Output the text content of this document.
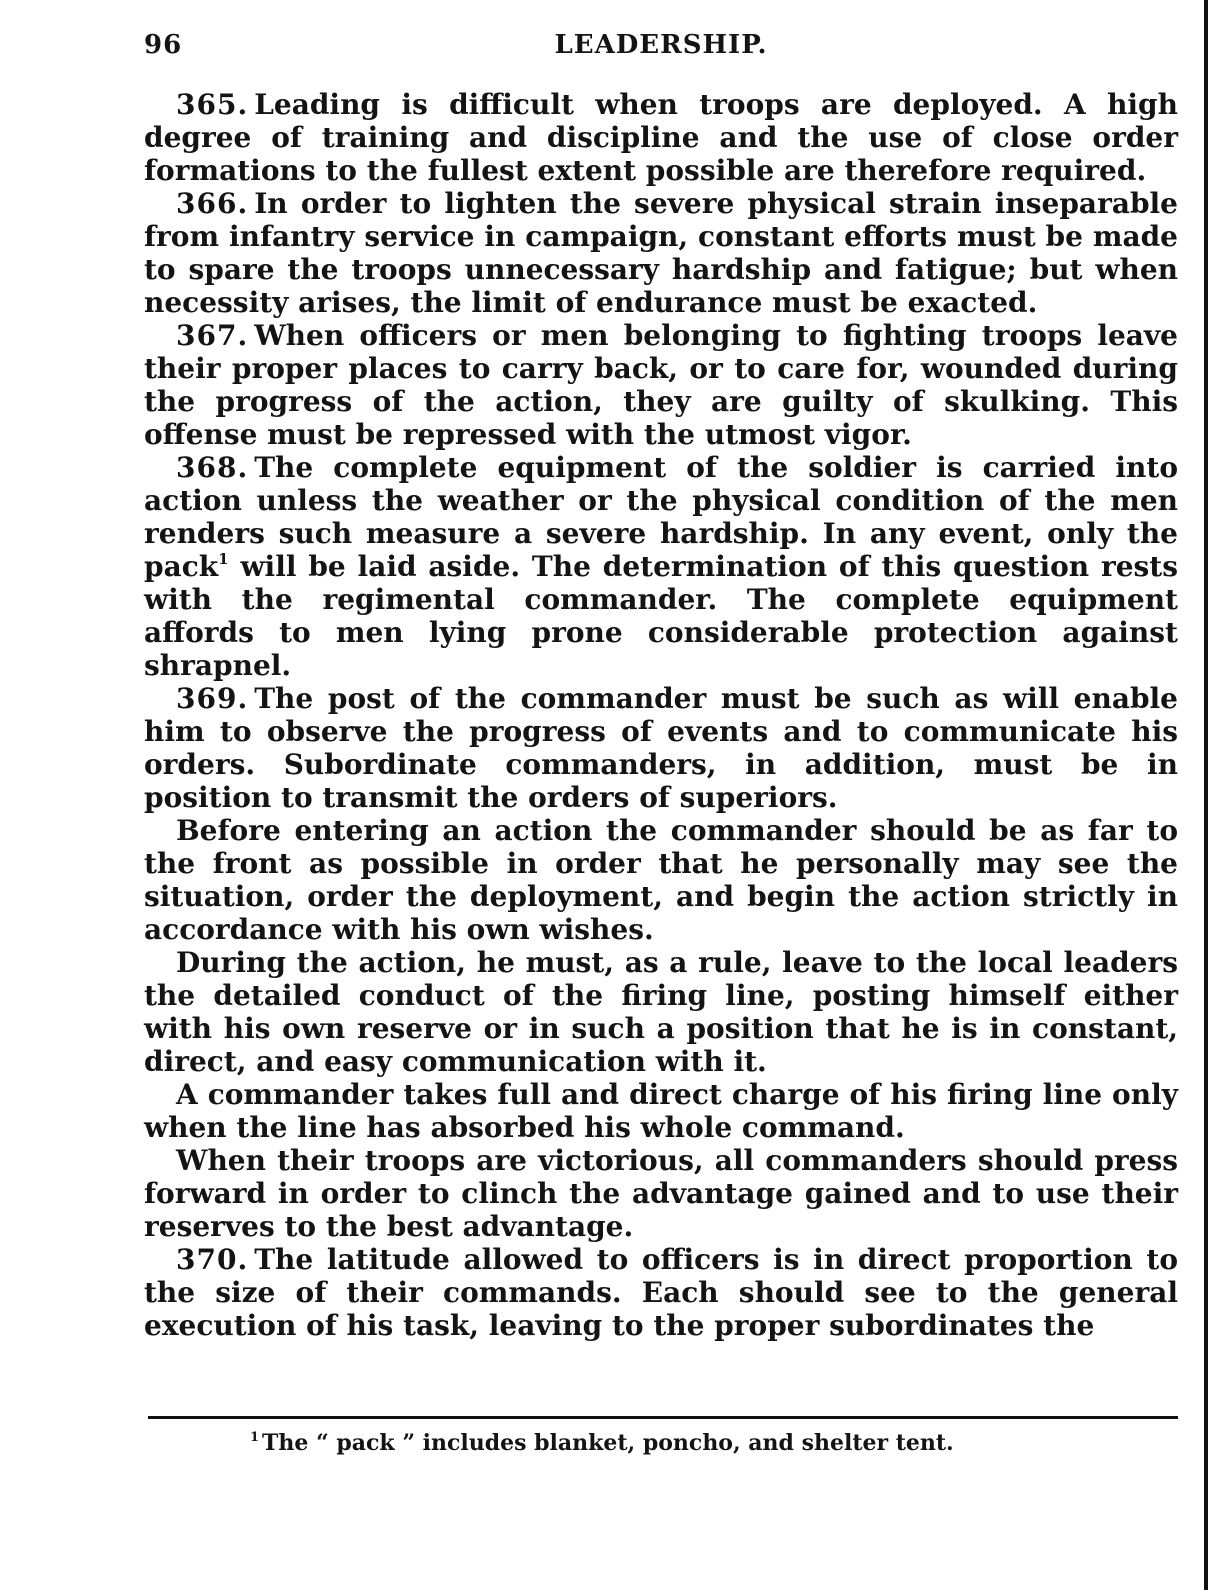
96	LEADERSHIP.

365. Leading is difficult when troops are deployed. A high degree of training and discipline and the use of close order formations to the fullest extent possible are therefore required.

366. In order to lighten the severe physical strain inseparable from infantry service in campaign, constant efforts must be made to spare the troops unnecessary hardship and fatigue; but when necessity arises, the limit of endurance must be exacted.

367. When officers or men belonging to fighting troops leave their proper places to carry back, or to care for, wounded during the progress of the action, they are guilty of skulking. This offense must be repressed with the utmost vigor.

368. The complete equipment of the soldier is carried into action unless the weather or the physical condition of the men renders such measure a severe hardship. In any event, only the pack$^1$ will be laid aside. The determination of this question rests with the regimental commander. The complete equipment affords to men lying prone considerable protection against shrapnel.

369. The post of the commander must be such as will enable him to observe the progress of events and to communicate his orders. Subordinate commanders, in addition, must be in position to transmit the orders of superiors.

Before entering an action the commander should be as far to the front as possible in order that he personally may see the situation, order the deployment, and begin the action strictly in accordance with his own wishes.

During the action, he must, as a rule, leave to the local leaders the detailed conduct of the firing line, posting himself either with his own reserve or in such a position that he is in constant, direct, and easy communication with it.

A commander takes full and direct charge of his firing line only when the line has absorbed his whole command.

When their troops are victorious, all commanders should press forward in order to clinch the advantage gained and to use their reserves to the best advantage.

370. The latitude allowed to officers is in direct proportion to the size of their commands. Each should see to the general execution of his task, leaving to the proper subordinates the

$^1$ The “ pack ” includes blanket, poncho, and shelter tent.
